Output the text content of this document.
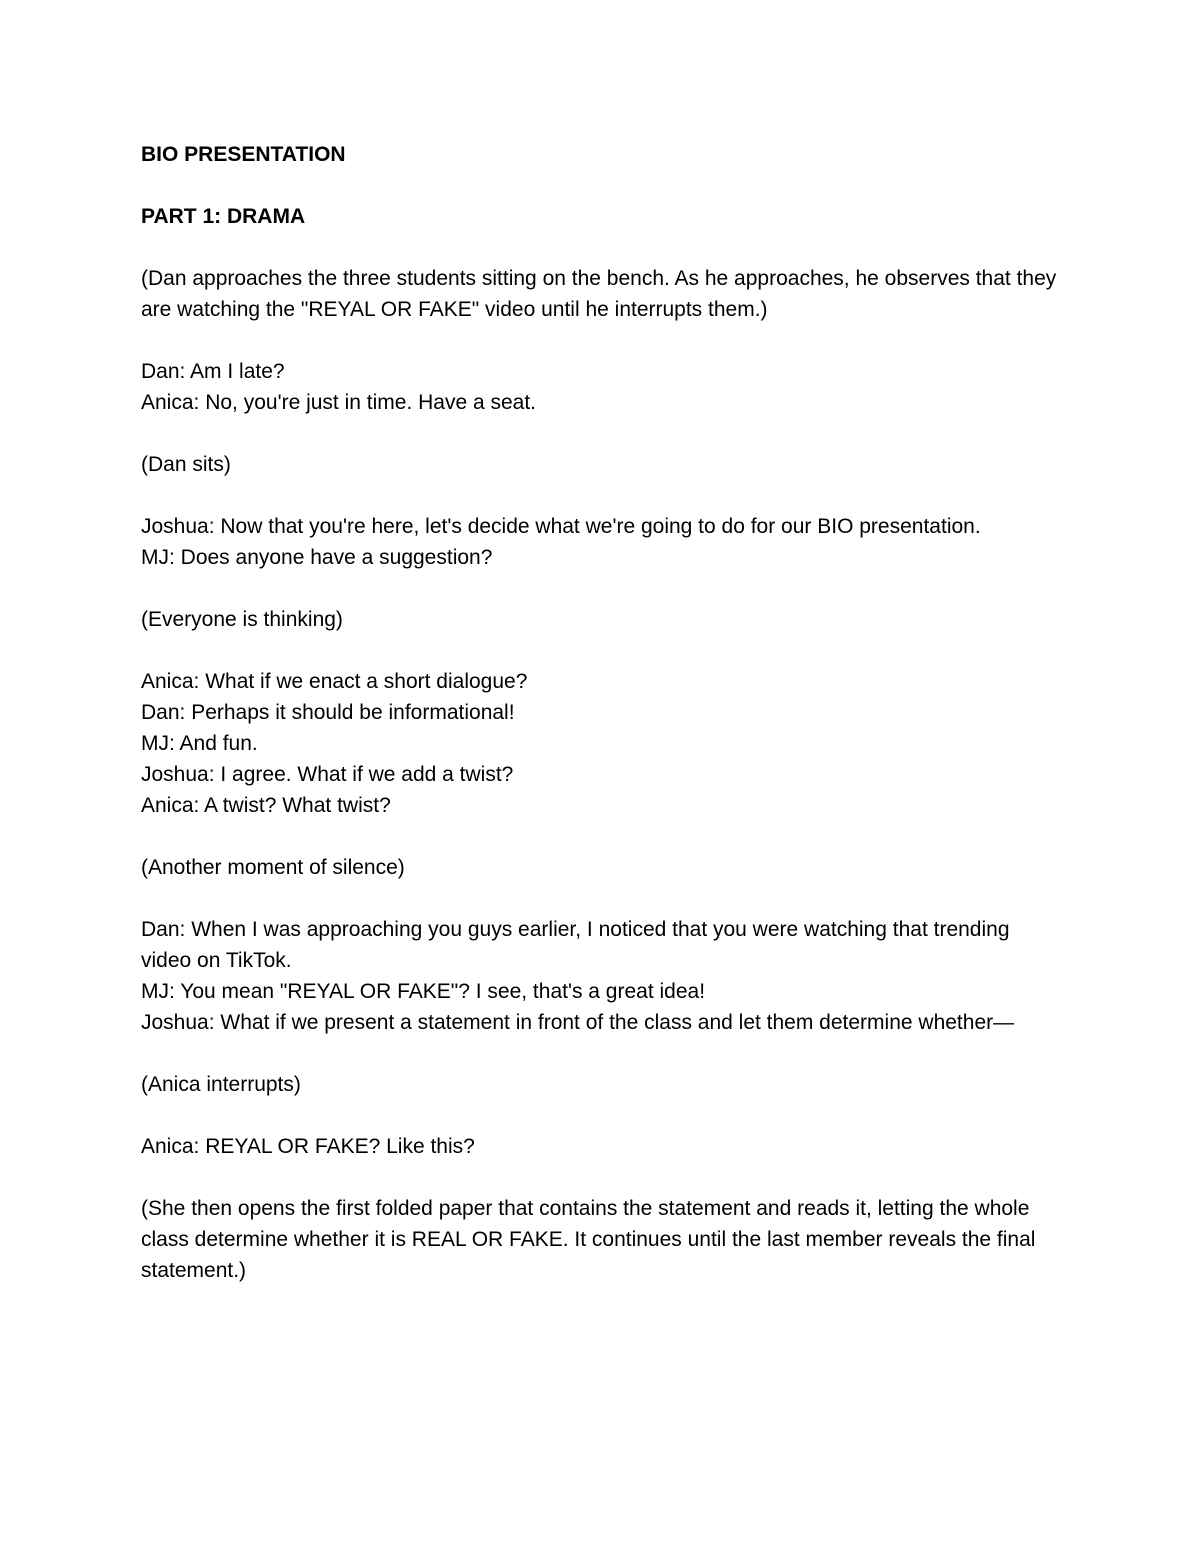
BIO PRESENTATION

PART 1: DRAMA

(Dan approaches the three students sitting on the bench. As he approaches, he observes that they are watching the "REYAL OR FAKE" video until he interrupts them.)

Dan: Am I late?

Anica: No, you're just in time. Have a seat.

(Dan sits)

Joshua: Now that you're here, let's decide what we're going to do for our BIO presentation.

MJ: Does anyone have a suggestion?

(Everyone is thinking)

Anica: What if we enact a short dialogue?

Dan: Perhaps it should be informational!

MJ: And fun.

Joshua: I agree. What if we add a twist?

Anica: A twist? What twist?

(Another moment of silence)

Dan: When I was approaching you guys earlier, I noticed that you were watching that trending video on TikTok.

MJ: You mean "REYAL OR FAKE"? I see, that's a great idea!

Joshua: What if we present a statement in front of the class and let them determine whether—

(Anica interrupts)

Anica: REYAL OR FAKE? Like this?

(She then opens the first folded paper that contains the statement and reads it, letting the whole class determine whether it is REAL OR FAKE. It continues until the last member reveals the final statement.)
